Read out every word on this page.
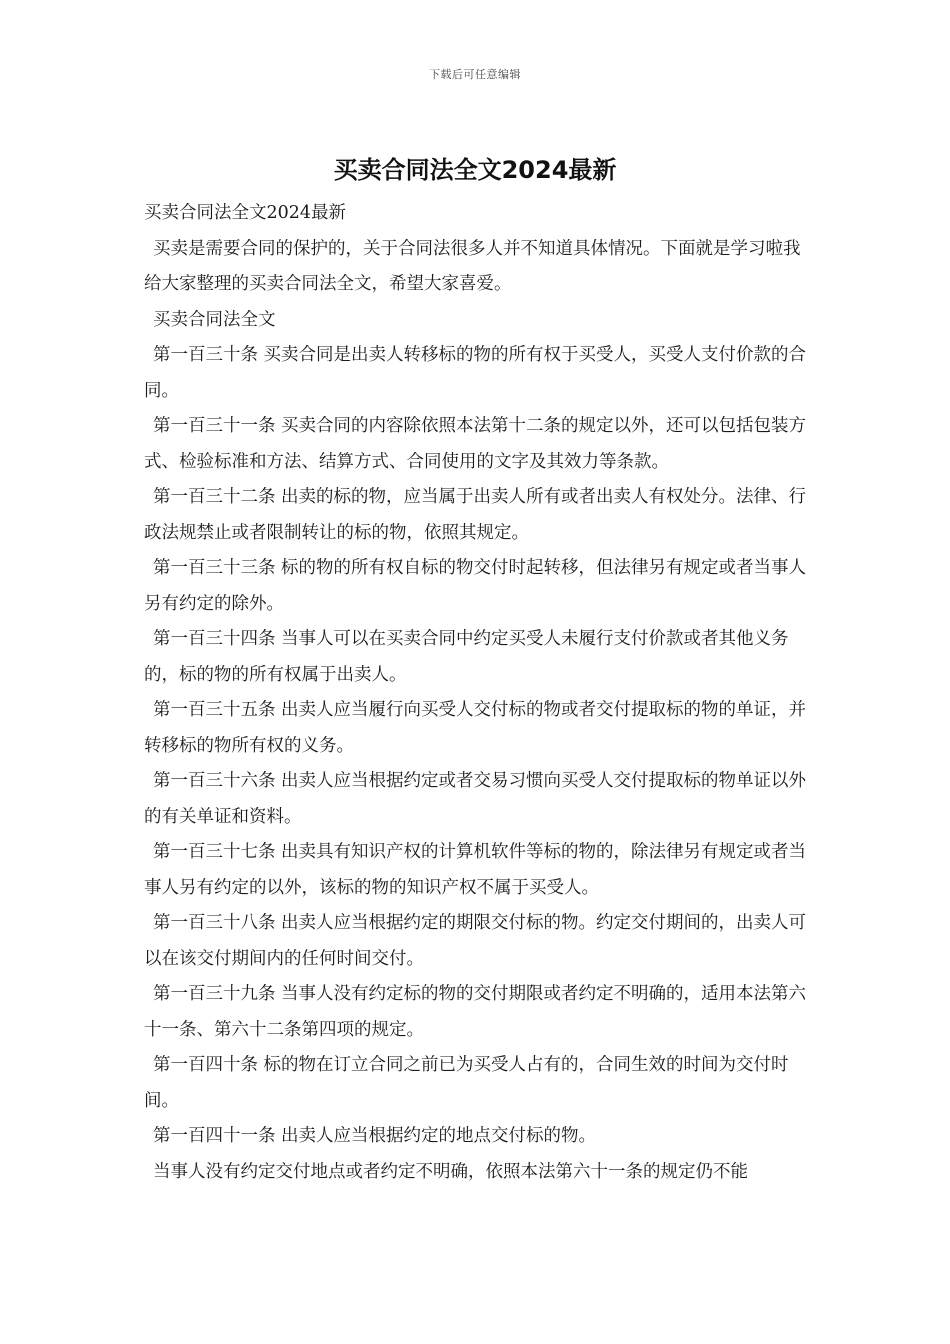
下载后可任意编辑
买卖合同法全文2024最新

买卖合同法全文2024最新

买卖是需要合同的保护的，关于合同法很多人并不知道具体情况。下面就是学习啦我给大家整理的买卖合同法全文，希望大家喜爱。

买卖合同法全文

第一百三十条 买卖合同是出卖人转移标的物的所有权于买受人，买受人支付价款的合同。

第一百三十一条 买卖合同的内容除依照本法第十二条的规定以外，还可以包括包装方式、检验标准和方法、结算方式、合同使用的文字及其效力等条款。

第一百三十二条 出卖的标的物，应当属于出卖人所有或者出卖人有权处分。法律、行政法规禁止或者限制转让的标的物，依照其规定。

第一百三十三条 标的物的所有权自标的物交付时起转移，但法律另有规定或者当事人另有约定的除外。

第一百三十四条 当事人可以在买卖合同中约定买受人未履行支付价款或者其他义务的，标的物的所有权属于出卖人。

第一百三十五条 出卖人应当履行向买受人交付标的物或者交付提取标的物的单证，并转移标的物所有权的义务。

第一百三十六条 出卖人应当根据约定或者交易习惯向买受人交付提取标的物单证以外的有关单证和资料。

第一百三十七条 出卖具有知识产权的计算机软件等标的物的，除法律另有规定或者当事人另有约定的以外，该标的物的知识产权不属于买受人。

第一百三十八条 出卖人应当根据约定的期限交付标的物。约定交付期间的，出卖人可以在该交付期间内的任何时间交付。

第一百三十九条 当事人没有约定标的物的交付期限或者约定不明确的，适用本法第六十一条、第六十二条第四项的规定。

第一百四十条 标的物在订立合同之前已为买受人占有的，合同生效的时间为交付时间。

第一百四十一条 出卖人应当根据约定的地点交付标的物。

当事人没有约定交付地点或者约定不明确，依照本法第六十一条的规定仍不能
